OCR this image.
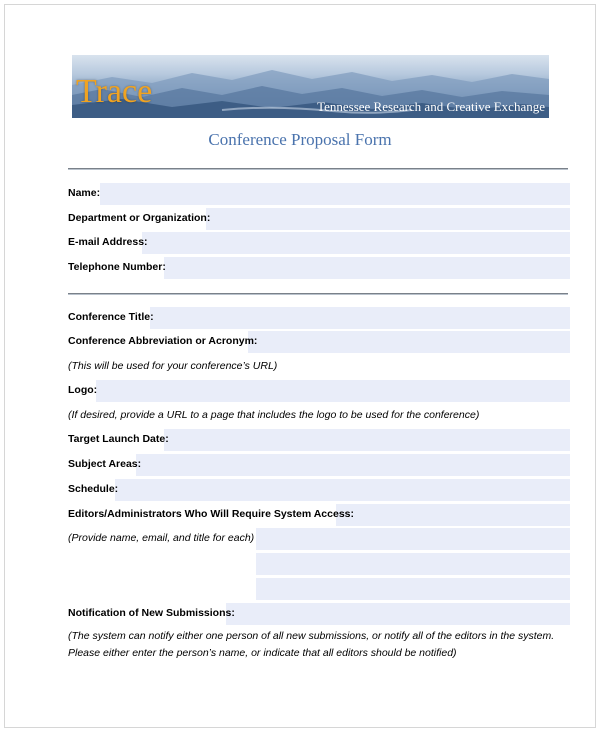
Trace	Tennessee Research and Creative Exchange
Conference Proposal Form
Name:
Department or Organization:
E-mail Address:
Telephone Number:
Conference Title:
Conference Abbreviation or Acronym:
(This will be used for your conference’s URL)
Logo:
(If desired, provide a URL to a page that includes the logo to be used for the conference)
Target Launch Date:
Subject Areas:
Schedule:
Editors/Administrators Who Will Require System Access:
(Provide name, email, and title for each)
Notification of New Submissions:
(The system can notify either one person of all new submissions, or notify all of the editors in the system.
Please either enter the person’s name, or indicate that all editors should be notified)
